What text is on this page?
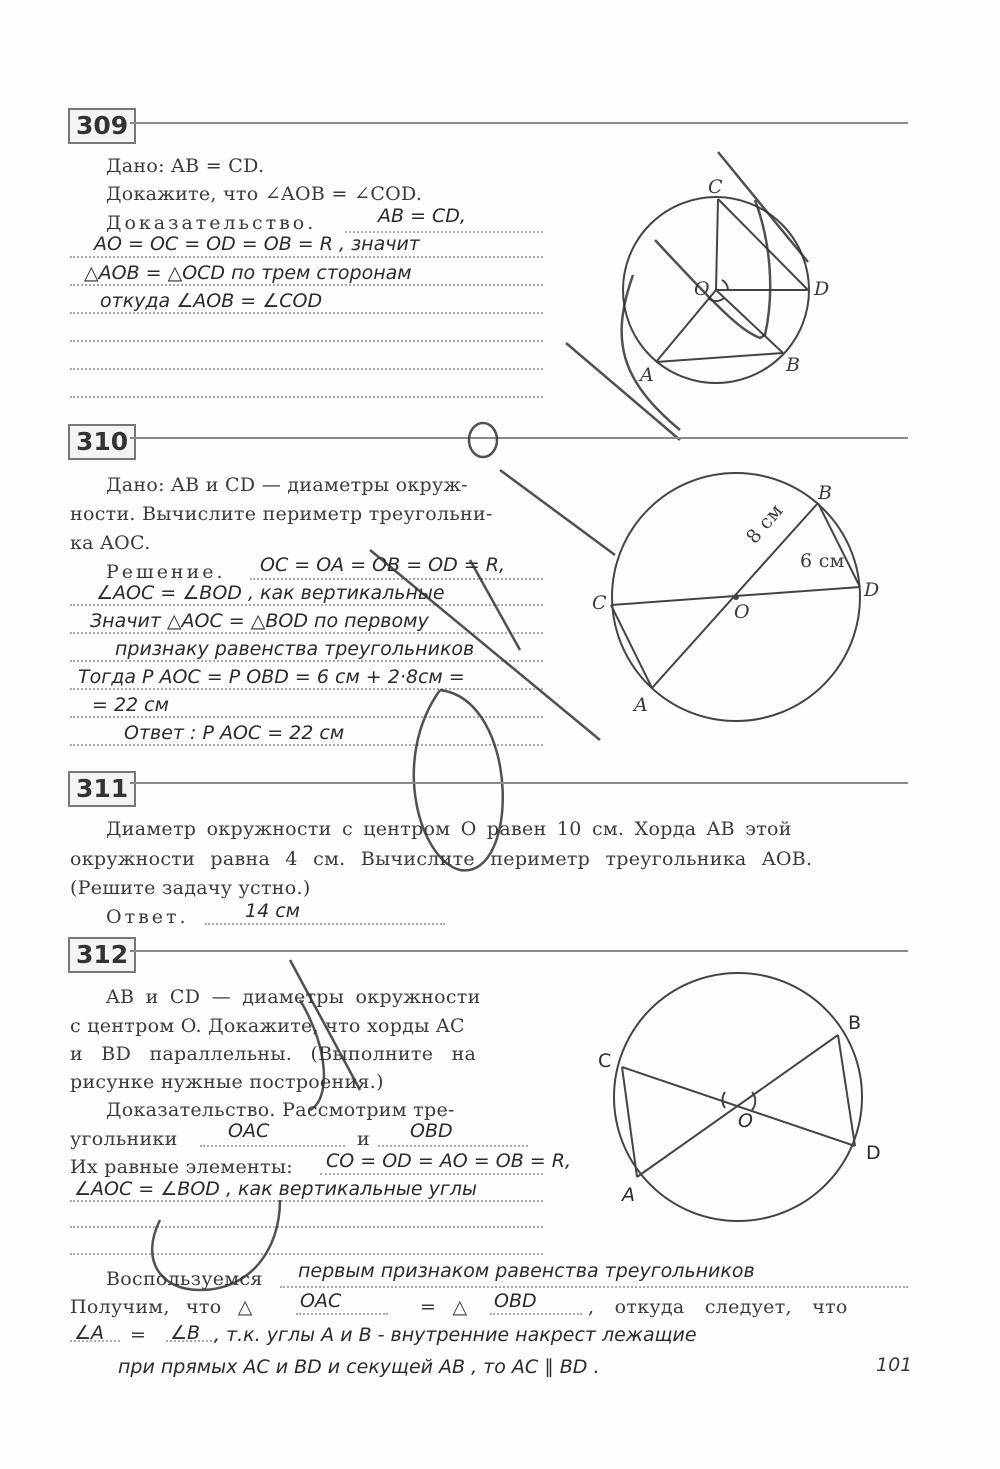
309
Дано: AB = CD.
Докажите, что ∠AOB = ∠COD.
Доказательство.	AB = CD,
AO = OC = OD = OB = R , значит
△AOB = △OCD по трем сторонам
откуда ∠AOB = ∠COD
C
D
O
A	B
310
Дано: AB и CD — диаметры окруж-
ности. Вычислите периметр треугольни-
ка AOC.
Решение. OC = OA = OB = OD = R,
∠AOC = ∠BOD , как вертикальные
Значит △AOC = △BOD по первому
признаку равенства треугольников
Тогда P AOC = P OBD = 6 см + 2·8см =
= 22 см
Ответ : P AOC = 22 см
B
8 см
6 см
C	O
D
A
311
Диаметр окружности с центром O равен 10 см. Хорда AB этой
окружности равна 4 см. Вычислите периметр треугольника AOB.
(Решите задачу устно.)
Ответ.	14 см
312
AB и CD — диаметры окружности
с центром O. Докажите, что хорды AC
и BD параллельны. (Выполните на
рисунке нужные построения.)
Доказательство. Рассмотрим тре-
угольники	OAC	и OBD
Их равные элементы: CO = OD = AO = OB = R,
∠AOC = ∠BOD , как вертикальные углы
Воспользуемся первым признаком равенства треугольников
Получим, что △ OAC	= △ OBD	, откуда следует, что
∠A = ∠B , т.к. углы A и B - внутренние накрест лежащие
при прямых AC и BD и секущей AB , то AC ∥ BD .
B
C
O
D
A
101
